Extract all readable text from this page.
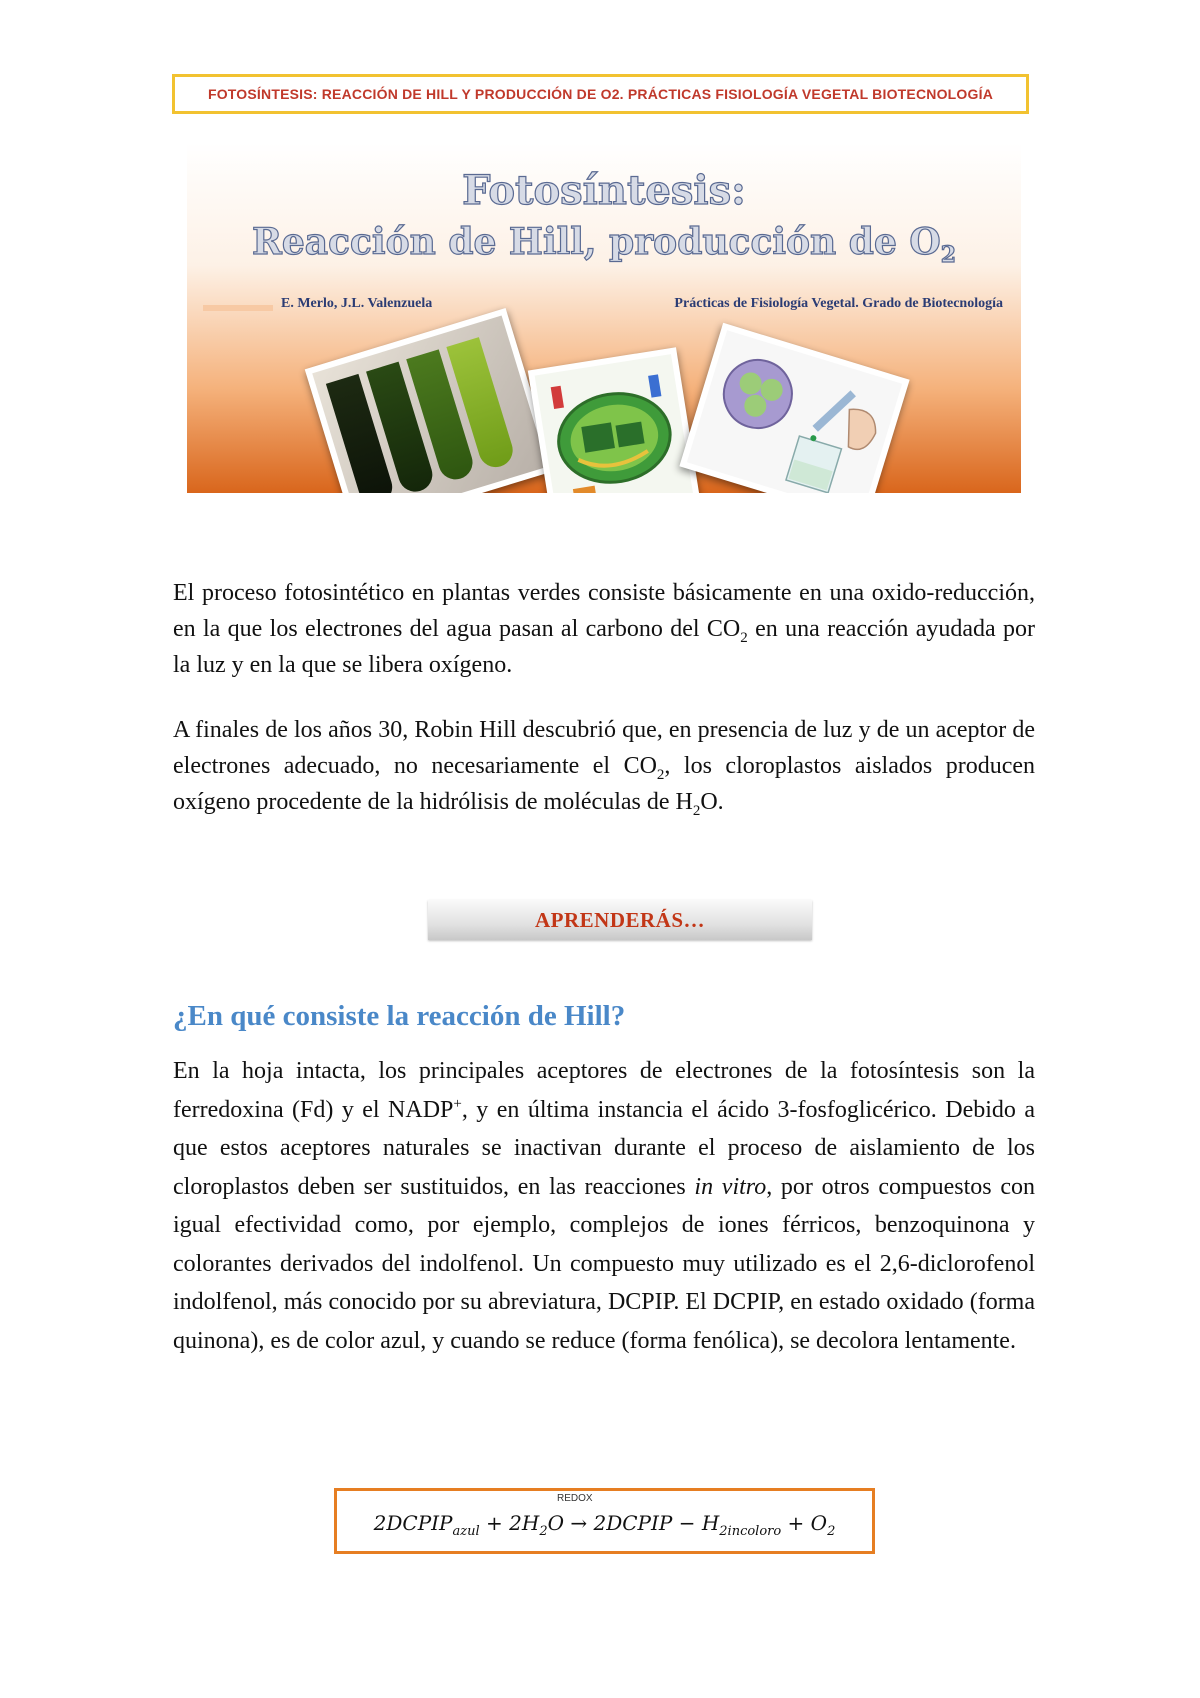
FOTOSÍNTESIS: REACCIÓN DE HILL Y PRODUCCIÓN DE O2. PRÁCTICAS FISIOLOGÍA VEGETAL BIOTECNOLOGÍA
Fotosíntesis:
Reacción de Hill, producción de $O_2$
E. Merlo, J.L. Valenzuela	Prácticas de Fisiología Vegetal. Grado de Biotecnología

El proceso fotosintético en plantas verdes consiste básicamente en una oxido-reducción, en la que los electrones del agua pasan al carbono del $CO_2$ en una reacción ayudada por la luz y en la que se libera oxígeno.

A finales de los años 30, Robin Hill descubrió que, en presencia de luz y de un aceptor de electrones adecuado, no necesariamente el $CO_2$, los cloroplastos aislados producen oxígeno procedente de la hidrólisis de moléculas de $H_2O$.

APRENDERÁS…
¿En qué consiste la reacción de Hill?

En la hoja intacta, los principales aceptores de electrones de la fotosíntesis son la ferredoxina (Fd) y el NADP+, y en última instancia el ácido 3-fosfoglicérico. Debido a que estos aceptores naturales se inactivan durante el proceso de aislamiento de los cloroplastos deben ser sustituidos, en las reacciones in vitro, por otros compuestos con igual efectividad como, por ejemplo, complejos de iones férricos, benzoquinona y colorantes derivados del indolfenol. Un compuesto muy utilizado es el 2,6-diclorofenol indolfenol, más conocido por su abreviatura, DCPIP. El DCPIP, en estado oxidado (forma quinona), es de color azul, y cuando se reduce (forma fenólica), se decolora lentamente.

REDOX
$2DCPIP_{azul} + 2H_2O$ → 2DCPIP − $H_{2incoloro} + O_2$
